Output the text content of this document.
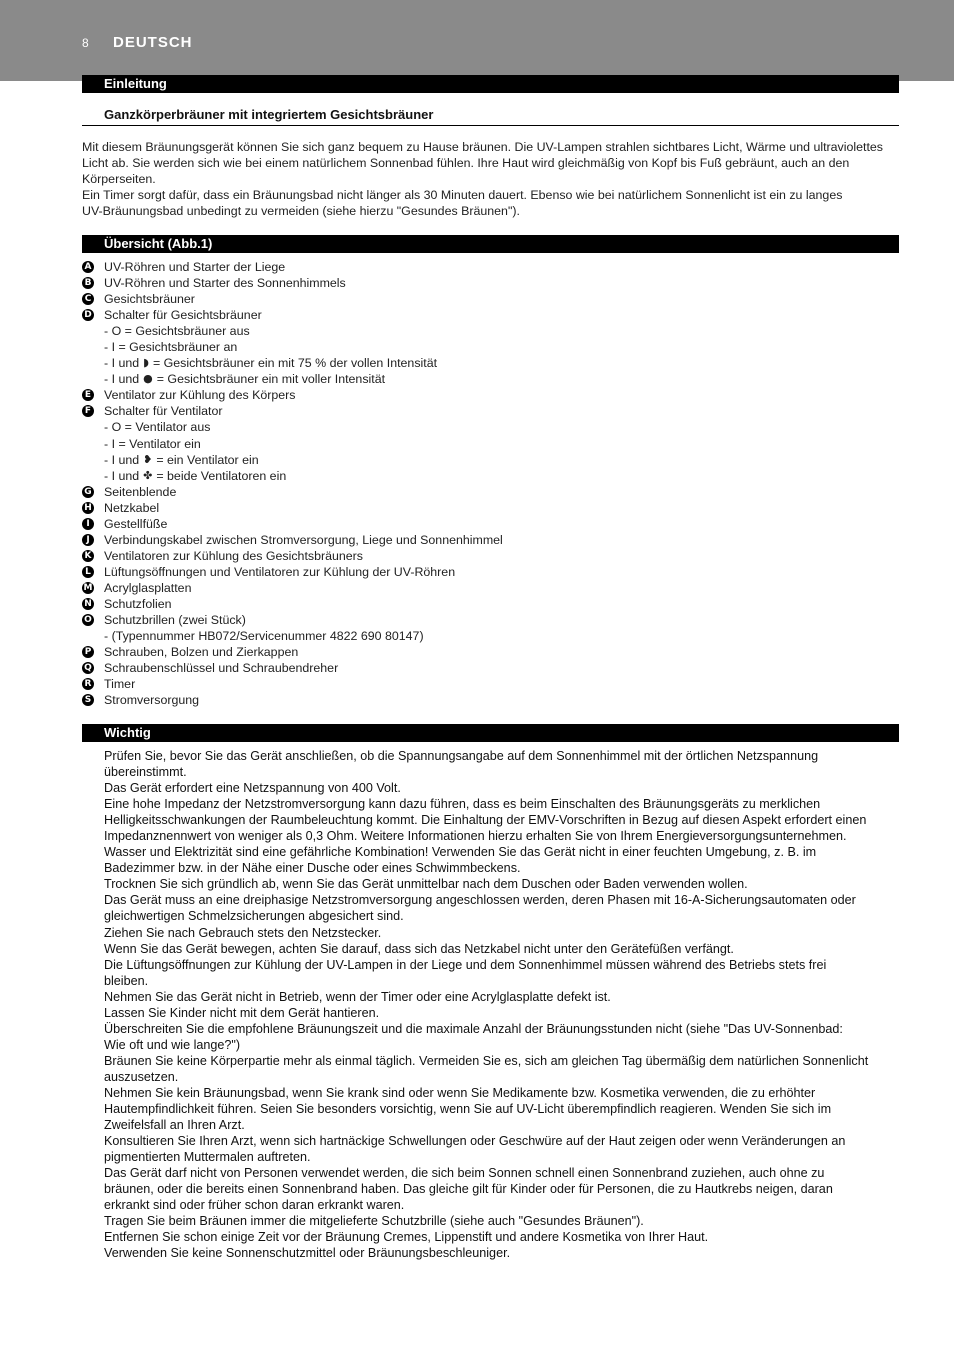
8 DEUTSCH
Einleitung
Ganzkörperbräuner mit integriertem Gesichtsbräuner

Mit diesem Bräunungsgerät können Sie sich ganz bequem zu Hause bräunen. Die UV-Lampen strahlen sichtbares Licht, Wärme und ultraviolettes

Licht ab. Sie werden sich wie bei einem natürlichem Sonnenbad fühlen. Ihre Haut wird gleichmäßig von Kopf bis Fuß gebräunt, auch an den

Körperseiten.

Ein Timer sorgt dafür, dass ein Bräunungsbad nicht länger als 30 Minuten dauert. Ebenso wie bei natürlichem Sonnenlicht ist ein zu langes

UV-Bräunungsbad unbedingt zu vermeiden (siehe hierzu "Gesundes Bräunen").

Übersicht (Abb.1)
A UV-Röhren und Starter der Liege
B UV-Röhren und Starter des Sonnenhimmels
C Gesichtsbräuner
D Schalter für Gesichtsbräuner
- O = Gesichtsbräuner aus
- I = Gesichtsbräuner an
- I und ◗ = Gesichtsbräuner ein mit 75 % der vollen Intensität
- I und ● = Gesichtsbräuner ein mit voller Intensität
E Ventilator zur Kühlung des Körpers
F Schalter für Ventilator
- O = Ventilator aus
- I = Ventilator ein
- I und ❥ = ein Ventilator ein
- I und ✤ = beide Ventilatoren ein
G Seitenblende
H Netzkabel
I	Gestellfüße
J	Verbindungskabel zwischen Stromversorgung, Liege und Sonnenhimmel
K Ventilatoren zur Kühlung des Gesichtsbräuners
L Lüftungsöffnungen und Ventilatoren zur Kühlung der UV-Röhren
M Acrylglasplatten
N Schutzfolien
O Schutzbrillen (zwei Stück)
- (Typennummer HB072/Servicenummer 4822 690 80147)
P Schrauben, Bolzen und Zierkappen
Q Schraubenschlüssel und Schraubendreher
R Timer
S Stromversorgung
Wichtig

Prüfen Sie, bevor Sie das Gerät anschließen, ob die Spannungsangabe auf dem Sonnenhimmel mit der örtlichen Netzspannung

übereinstimmt.

Das Gerät erfordert eine Netzspannung von 400 Volt.

Eine hohe Impedanz der Netzstromversorgung kann dazu führen, dass es beim Einschalten des Bräunungsgeräts zu merklichen

Helligkeitsschwankungen der Raumbeleuchtung kommt. Die Einhaltung der EMV-Vorschriften in Bezug auf diesen Aspekt erfordert einen

Impedanznennwert von weniger als 0,3 Ohm. Weitere Informationen hierzu erhalten Sie von Ihrem Energieversorgungsunternehmen.

Wasser und Elektrizität sind eine gefährliche Kombination! Verwenden Sie das Gerät nicht in einer feuchten Umgebung, z. B. im

Badezimmer bzw. in der Nähe einer Dusche oder eines Schwimmbeckens.

Trocknen Sie sich gründlich ab, wenn Sie das Gerät unmittelbar nach dem Duschen oder Baden verwenden wollen.

Das Gerät muss an eine dreiphasige Netzstromversorgung angeschlossen werden, deren Phasen mit 16-A-Sicherungsautomaten oder

gleichwertigen Schmelzsicherungen abgesichert sind.

Ziehen Sie nach Gebrauch stets den Netzstecker.

Wenn Sie das Gerät bewegen, achten Sie darauf, dass sich das Netzkabel nicht unter den Gerätefüßen verfängt.

Die Lüftungsöffnungen zur Kühlung der UV-Lampen in der Liege und dem Sonnenhimmel müssen während des Betriebs stets frei

bleiben.

Nehmen Sie das Gerät nicht in Betrieb, wenn der Timer oder eine Acrylglasplatte defekt ist.

Lassen Sie Kinder nicht mit dem Gerät hantieren.

Überschreiten Sie die empfohlene Bräunungszeit und die maximale Anzahl der Bräunungsstunden nicht (siehe "Das UV-Sonnenbad:

Wie oft und wie lange?")

Bräunen Sie keine Körperpartie mehr als einmal täglich. Vermeiden Sie es, sich am gleichen Tag übermäßig dem natürlichen Sonnenlicht

auszusetzen.

Nehmen Sie kein Bräunungsbad, wenn Sie krank sind oder wenn Sie Medikamente bzw. Kosmetika verwenden, die zu erhöhter

Hautempfindlichkeit führen. Seien Sie besonders vorsichtig, wenn Sie auf UV-Licht überempfindlich reagieren. Wenden Sie sich im

Zweifelsfall an Ihren Arzt.

Konsultieren Sie Ihren Arzt, wenn sich hartnäckige Schwellungen oder Geschwüre auf der Haut zeigen oder wenn Veränderungen an

pigmentierten Muttermalen auftreten.

Das Gerät darf nicht von Personen verwendet werden, die sich beim Sonnen schnell einen Sonnenbrand zuziehen, auch ohne zu

bräunen, oder die bereits einen Sonnenbrand haben. Das gleiche gilt für Kinder oder für Personen, die zu Hautkrebs neigen, daran

erkrankt sind oder früher schon daran erkrankt waren.

Tragen Sie beim Bräunen immer die mitgelieferte Schutzbrille (siehe auch "Gesundes Bräunen").

Entfernen Sie schon einige Zeit vor der Bräunung Cremes, Lippenstift und andere Kosmetika von Ihrer Haut.

Verwenden Sie keine Sonnenschutzmittel oder Bräunungsbeschleuniger.
